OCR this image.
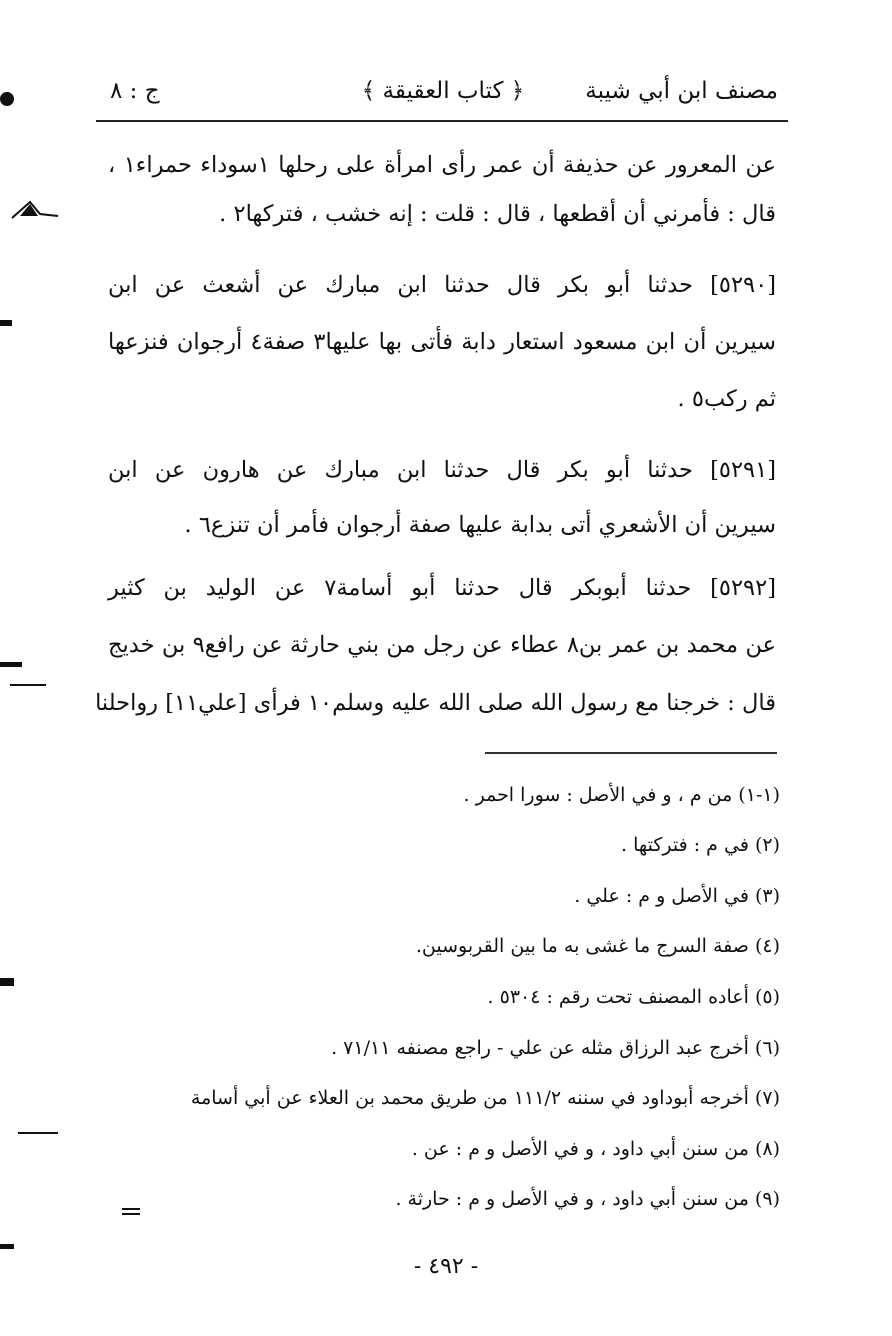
مصنف ابن أبي شيبة
﴿ كتاب العقيقة ﴾
ج : ٨
عن المعرور عن حذيفة أن عمر رأى امرأة على رحلها ١سوداء حمراء١ ،
قال : فأمرني أن أقطعها ، قال : قلت : إنه خشب ، فتركها٢ .
[٥٢٩٠] حدثنا أبو بكر قال حدثنا ابن مبارك عن أشعث عن ابن
سيرين أن ابن مسعود استعار دابة فأتى بها عليها٣ صفة٤ أرجوان فنزعها
ثم ركب٥ .
[٥٢٩١] حدثنا أبو بكر قال حدثنا ابن مبارك عن هارون عن ابن
سيرين أن الأشعري أتى بدابة عليها صفة أرجوان فأمر أن تنزع٦ .
[٥٢٩٢] حدثنا أبوبكر قال حدثنا أبو أسامة٧ عن الوليد بن كثير
عن محمد بن عمر بن٨ عطاء عن رجل من بني حارثة عن رافع٩ بن خديج
قال : خرجنا مع رسول الله صلى الله عليه وسلم١٠ فرأى [علي١١] رواحلنا
(١-١) من م ، و في الأصل : سورا احمر .
(٢) في م : فتركتها .
(٣) في الأصل و م : علي .
(٤) صفة السرج ما غشى به ما بين القربوسين.
(٥) أعاده المصنف تحت رقم : ٥٣٠٤ .
(٦) أخرج عبد الرزاق مثله عن علي - راجع مصنفه ٧١/١١ .
(٧) أخرجه أبوداود في سننه ١١١/٢ من طريق محمد بن العلاء عن أبي أسامة
(٨) من سنن أبي داود ، و في الأصل و م : عن .
(٩) من سنن أبي داود ، و في الأصل و م : حارثة .
- ٤٩٢ -
